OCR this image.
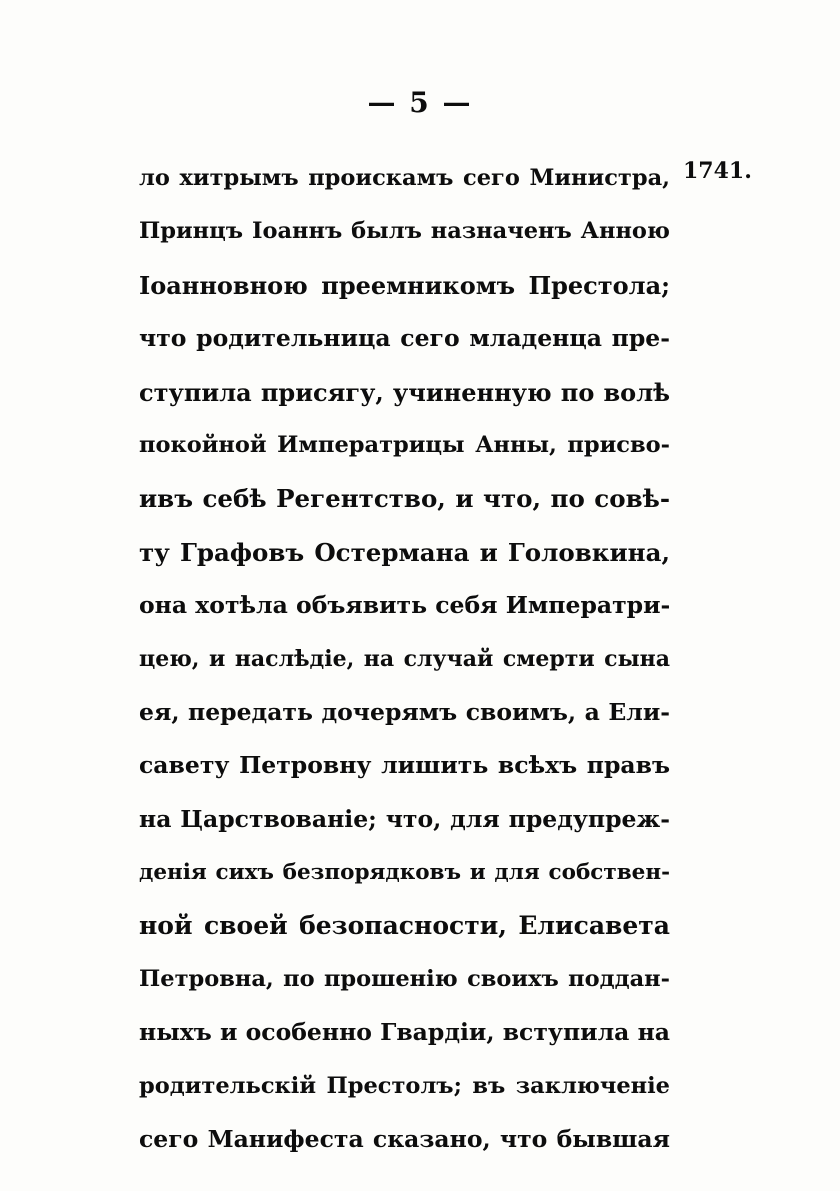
— 5 —
1741.
ло хитрымъ проискамъ сего Министра,
Принцъ Іоаннъ былъ назначенъ Анною
Іоанновною преемникомъ Престола;
что родительница сего младенца пре-
ступила присягу, учиненную по волѣ
покойной Императрицы Анны, присво-
ивъ себѣ Регентство, и что, по совѣ-
ту Графовъ Остермана и Головкина,
она хотѣла объявить себя Императри-
цею, и наслѣдіе, на случай смерти сына
ея, передать дочерямъ своимъ, а Ели-
савету Петровну лишить всѣхъ правъ
на Царствованіе; что, для предупреж-
денія сихъ безпорядковъ и для собствен-
ной своей безопасности, Елисавета
Петровна, по прошенію своихъ поддан-
ныхъ и особенно Гвардіи, вступила на
родительскій Престолъ; въ заключеніе
сего Манифеста сказано, что бывшая
